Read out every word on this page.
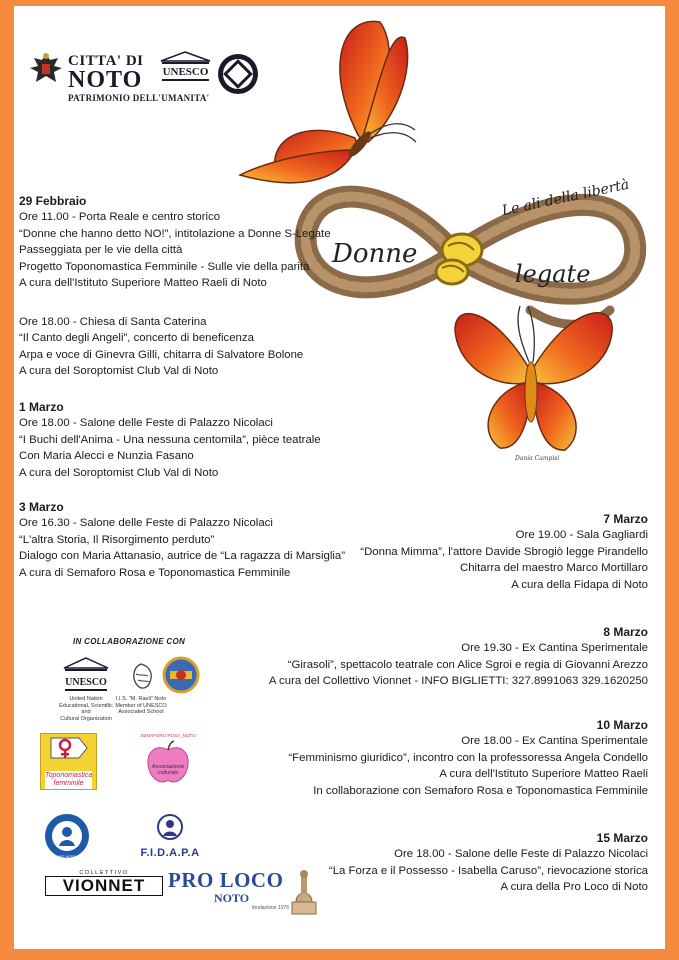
CITTA' DI
NOTO
PATRIMONIO DELL'UMANITA'
UNESCO
Le ali della libertà
Donne
legate
Dania Campisi
29 Febbraio
Ore 11.00 - Porta Reale e centro storico
“Donne che hanno detto NO!”, intitolazione a Donne S-Legate
Passeggiata per le vie della città
Progetto Toponomastica Femminile - Sulle vie della parità
A cura dell'Istituto Superiore Matteo Raeli di Noto
Ore 18.00 - Chiesa di Santa Caterina
“Il Canto degli Angeli”, concerto di beneficenza
Arpa e voce di Ginevra Gilli, chitarra di Salvatore Bolone
A cura del Soroptomist Club Val di Noto
1 Marzo
Ore 18.00 - Salone delle Feste di Palazzo Nicolaci
“I Buchi dell'Anima - Una nessuna centomila”, pièce teatrale
Con Maria Alecci e Nunzia Fasano
A cura del Soroptomist Club Val di Noto
3 Marzo
Ore 16.30 - Salone delle Feste di Palazzo Nicolaci
“L'altra Storia, Il Risorgimento perduto”
Dialogo con Maria Attanasio, autrice de “La ragazza di Marsiglia”
A cura di Semaforo Rosa e Toponomastica Femminile
7 Marzo
Ore 19.00 - Sala Gagliardi
“Donna Mimma”, l'attore Davide Sbrogiò legge Pirandello
Chitarra del maestro Marco Mortillaro
A cura della Fidapa di Noto
8 Marzo
Ore 19.30 - Ex Cantina Sperimentale
“Girasoli”, spettacolo teatrale con Alice Sgroi e regia di Giovanni Arezzo
A cura del Collettivo Vionnet - INFO BIGLIETTI: 327.8991063 329.1620250
10 Marzo
Ore 18.00 - Ex Cantina Sperimentale
“Femminismo giuridico”, incontro con la professoressa Angela Condello
A cura dell'Istituto Superiore Matteo Raeli
In collaborazione con Semaforo Rosa e Toponomastica Femminile
15 Marzo
Ore 18.00 - Salone delle Feste di Palazzo Nicolaci
“La Forza e il Possesso - Isabella Caruso”, rievocazione storica
A cura della Pro Loco di Noto
IN COLLABORAZIONE CON
UNESCO
United Nation
Educational, Scientific and
Cultural Organization
I.I.S. "M. Raeli" Noto
Member of UNESCO
Associated School
Toponomastica
femminile
SEMAFORO ROSA_NOTO
Associazione
culturale
SOROPTIMIST INTERNATIONAL	F.I.D.A.P.A
COLLETTIVO
VIONNET	PRO LOCO
NOTO
fondazione 1976
